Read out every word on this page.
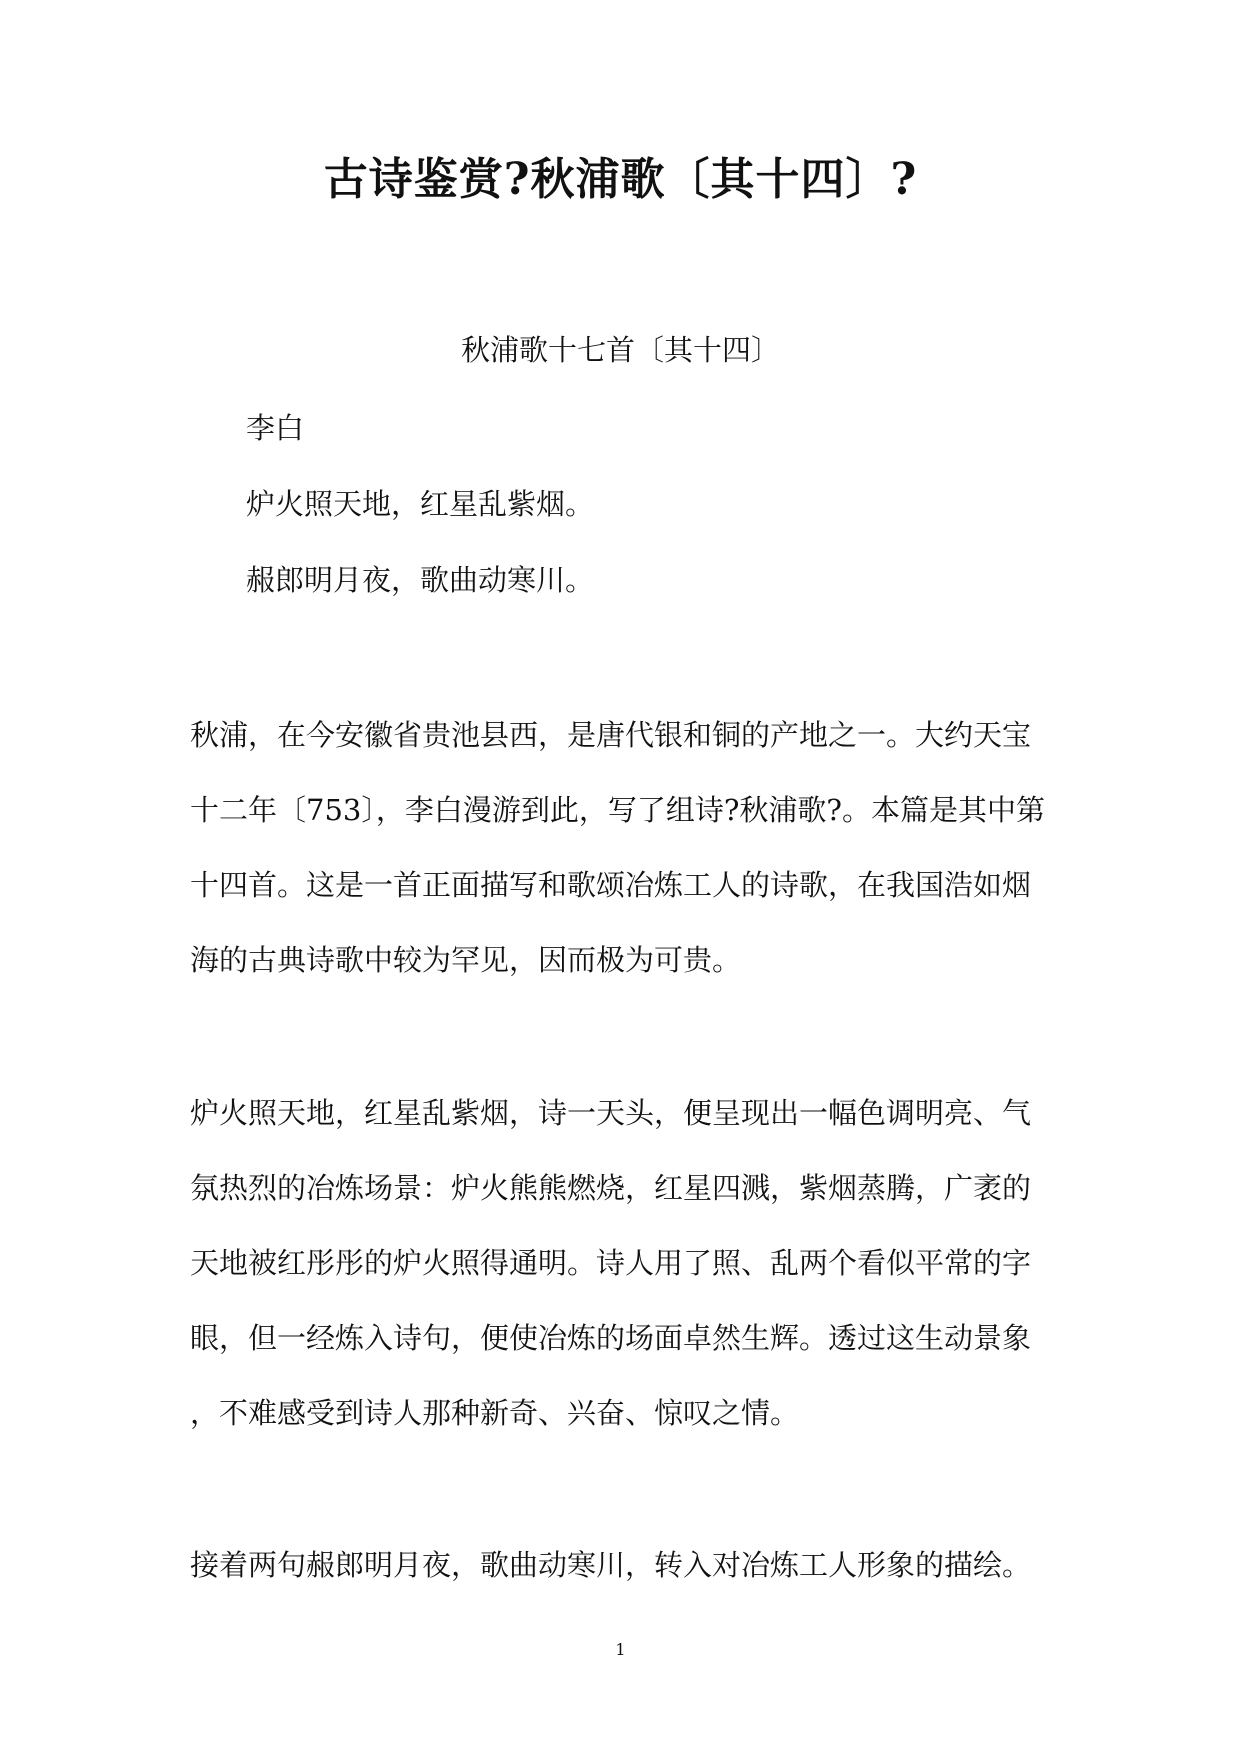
古诗鉴赏?秋浦歌〔其十四〕?
秋浦歌十七首〔其十四〕
李白
炉火照天地，红星乱紫烟。
赧郎明月夜，歌曲动寒川。
秋浦，在今安徽省贵池县西，是唐代银和铜的产地之一。大约天宝
十二年〔753〕，李白漫游到此，写了组诗?秋浦歌?。本篇是其中第
十四首。这是一首正面描写和歌颂冶炼工人的诗歌，在我国浩如烟
海的古典诗歌中较为罕见，因而极为可贵。
炉火照天地，红星乱紫烟，诗一天头，便呈现出一幅色调明亮、气
氛热烈的冶炼场景：炉火熊熊燃烧，红星四溅，紫烟蒸腾，广袤的
天地被红彤彤的炉火照得通明。诗人用了照、乱两个看似平常的字
眼，但一经炼入诗句，便使冶炼的场面卓然生辉。透过这生动景象
，不难感受到诗人那种新奇、兴奋、惊叹之情。
接着两句赧郎明月夜，歌曲动寒川，转入对冶炼工人形象的描绘。
1
